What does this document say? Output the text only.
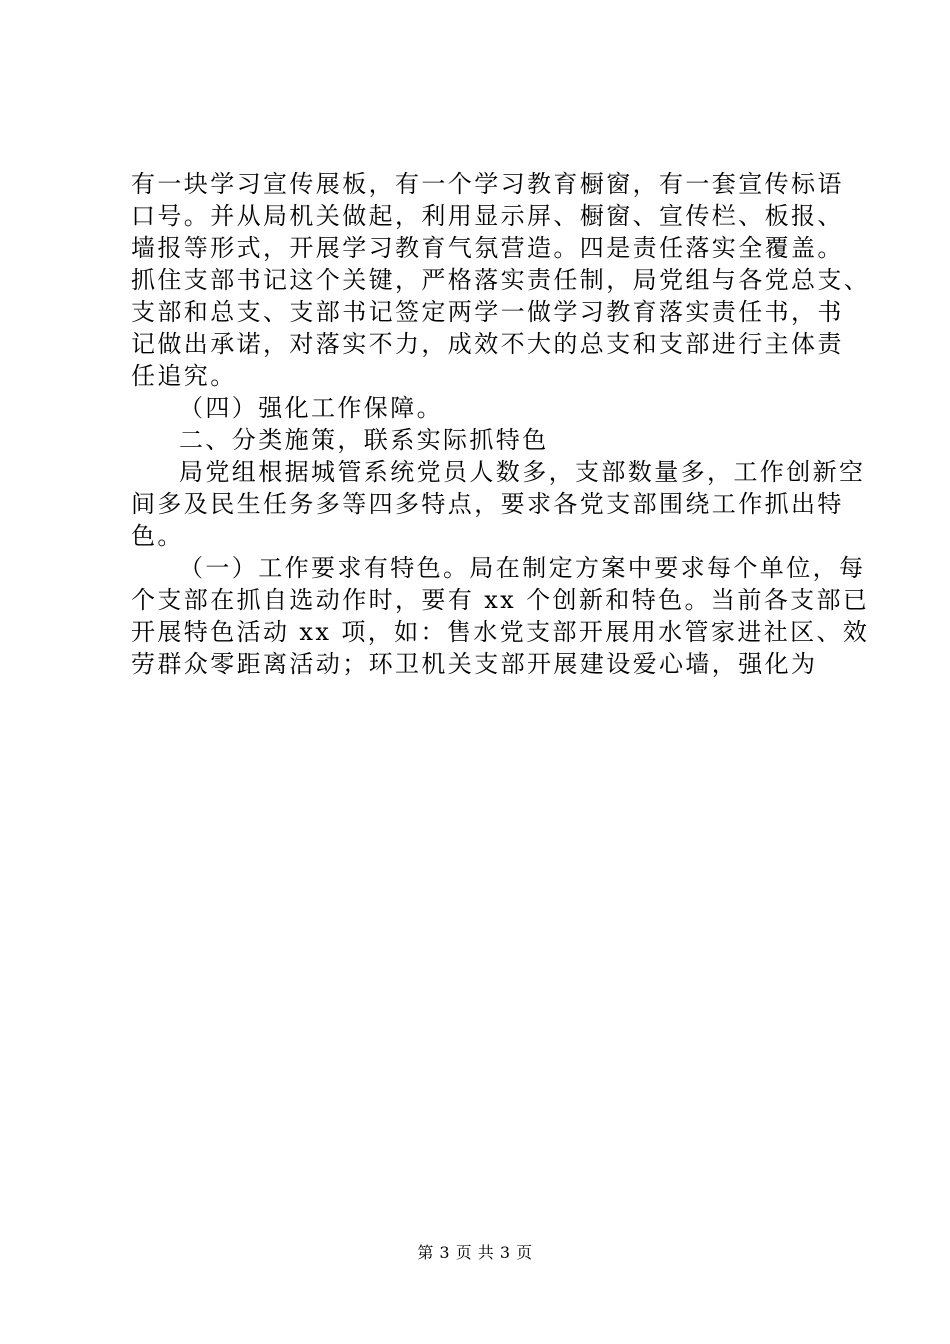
有一块学习宣传展板，有一个学习教育橱窗，有一套宣传标语
口号。并从局机关做起，利用显示屏、橱窗、宣传栏、板报、
墙报等形式，开展学习教育气氛营造。四是责任落实全覆盖。
抓住支部书记这个关键，严格落实责任制，局党组与各党总支、
支部和总支、支部书记签定两学一做学习教育落实责任书，书
记做出承诺，对落实不力，成效不大的总支和支部进行主体责
任追究。
（四）强化工作保障。
二、分类施策，联系实际抓特色
局党组根据城管系统党员人数多，支部数量多，工作创新空
间多及民生任务多等四多特点，要求各党支部围绕工作抓出特
色。
（一）工作要求有特色。局在制定方案中要求每个单位，每
个支部在抓自选动作时，要有 xx 个创新和特色。当前各支部已
开展特色活动 xx 项，如：售水党支部开展用水管家进社区、效
劳群众零距离活动；环卫机关支部开展建设爱心墙，强化为
第 3 页 共 3 页
